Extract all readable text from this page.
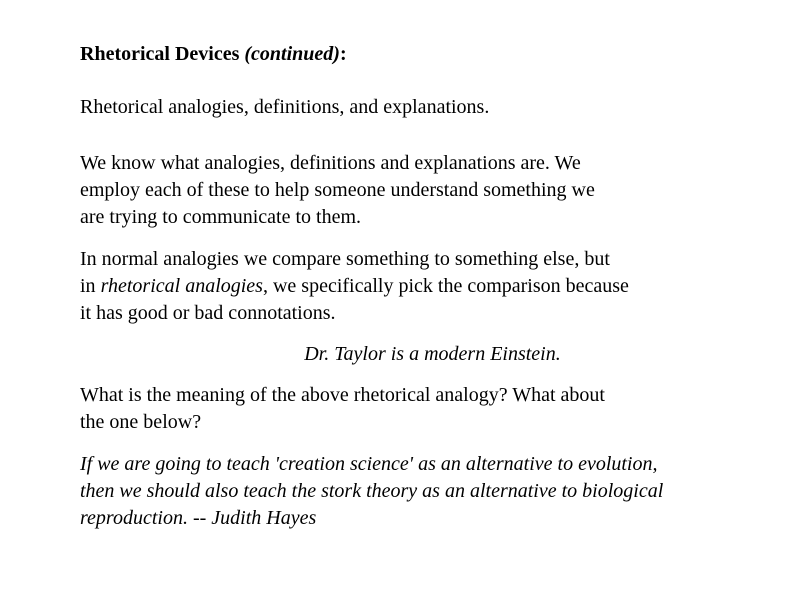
Rhetorical Devices (continued):

Rhetorical analogies, definitions, and explanations.

We know what analogies, definitions and explanations are. We
employ each of these to help someone understand something we
are trying to communicate to them.

In normal analogies we compare something to something else, but
in rhetorical analogies, we specifically pick the comparison because
it has good or bad connotations.

Dr. Taylor is a modern Einstein.

What is the meaning of the above rhetorical analogy? What about
the one below?

If we are going to teach 'creation science' as an alternative to evolution,
then we should also teach the stork theory as an alternative to biological
reproduction. -- Judith Hayes
